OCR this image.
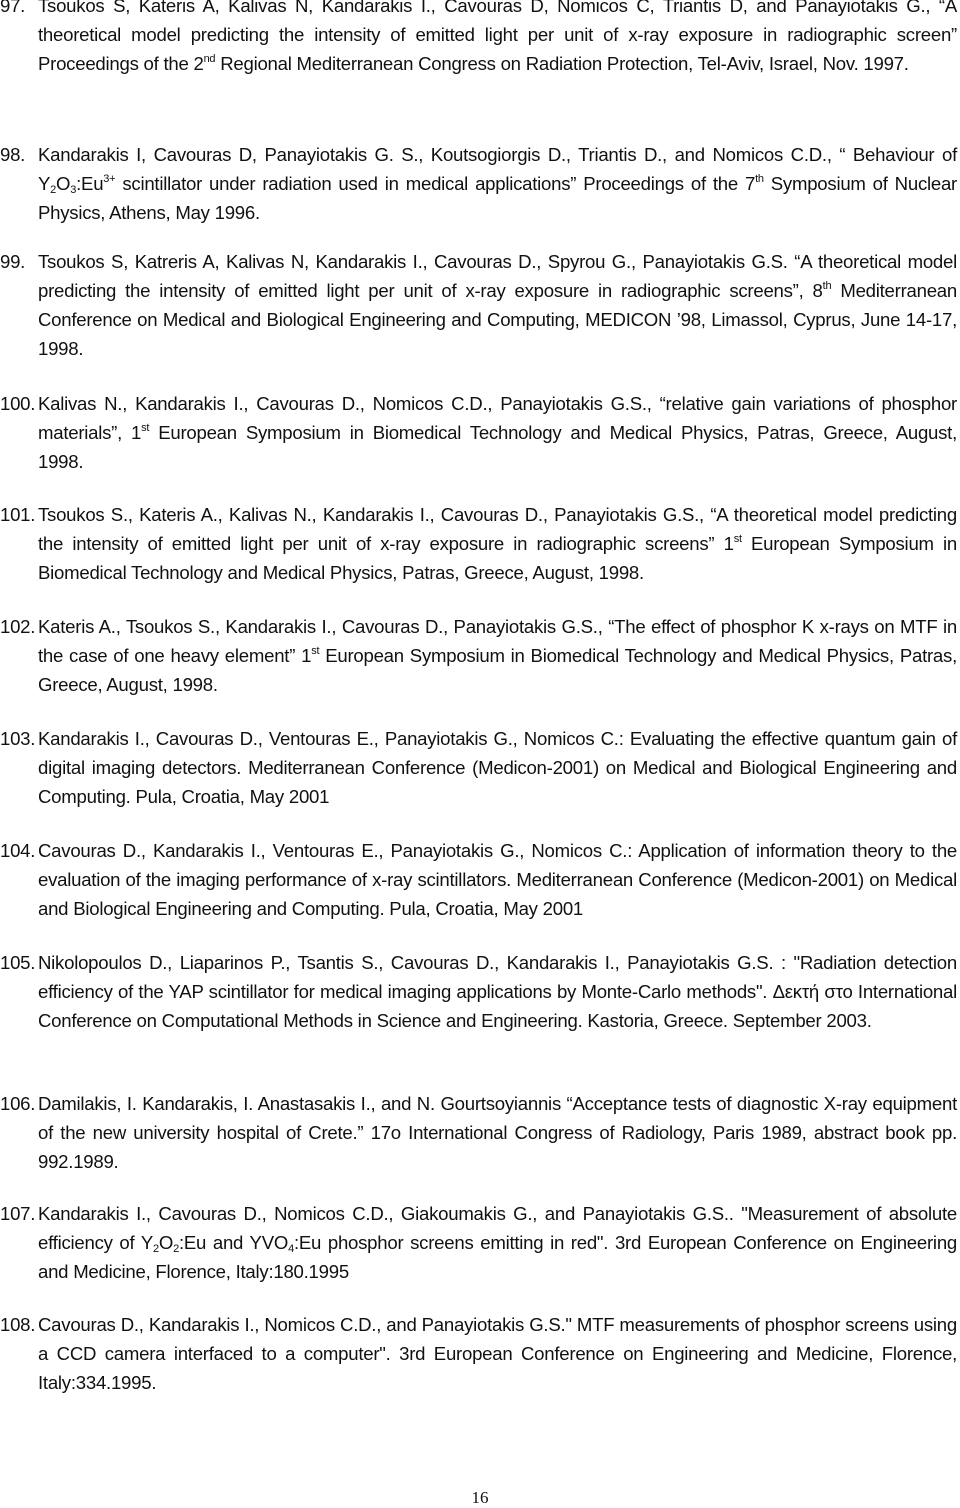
97. Tsoukos S, Kateris A, Kalivas N, Kandarakis I., Cavouras D, Nomicos C, Triantis D, and Panayiotakis G., “A theoretical model predicting the intensity of emitted light per unit of x-ray exposure in radiographic screen” Proceedings of the 2nd Regional Mediterranean Congress on Radiation Protection, Tel-Aviv, Israel, Nov. 1997.
98. Kandarakis I, Cavouras D, Panayiotakis G. S., Koutsogiorgis D., Triantis D., and Nomicos C.D., “ Behaviour of $Y_2O_3:Eu^{3+}$ scintillator under radiation used in medical applications” Proceedings of the 7th Symposium of Nuclear Physics, Athens, May 1996.
99. Tsoukos S, Katreris A, Kalivas N, Kandarakis I., Cavouras D., Spyrou G., Panayiotakis G.S. “A theoretical model predicting the intensity of emitted light per unit of x-ray exposure in radiographic screens”, 8th Mediterranean Conference on Medical and Biological Engineering and Computing, MEDICON ’98, Limassol, Cyprus, June 14-17, 1998.
100. Kalivas N., Kandarakis I., Cavouras D., Nomicos C.D., Panayiotakis G.S., “relative gain variations of phosphor materials”, 1st European Symposium in Biomedical Technology and Medical Physics, Patras, Greece, August, 1998.
101. Tsoukos S., Kateris A., Kalivas N., Kandarakis I., Cavouras D., Panayiotakis G.S., “A theoretical model predicting the intensity of emitted light per unit of x-ray exposure in radiographic screens” 1st European Symposium in Biomedical Technology and Medical Physics, Patras, Greece, August, 1998.
102. Kateris A., Tsoukos S., Kandarakis I., Cavouras D., Panayiotakis G.S., “The effect of phosphor K x-rays on MTF in the case of one heavy element” 1st European Symposium in Biomedical Technology and Medical Physics, Patras, Greece, August, 1998.
103. Kandarakis I., Cavouras D., Ventouras E., Panayiotakis G., Nomicos C.: Evaluating the effective quantum gain of digital imaging detectors. Mediterranean Conference (Medicon-2001) on Medical and Biological Engineering and Computing. Pula, Croatia, May 2001
104. Cavouras D., Kandarakis I., Ventouras E., Panayiotakis G., Nomicos C.: Application of information theory to the evaluation of the imaging performance of x-ray scintillators. Mediterranean Conference (Medicon-2001) on Medical and Biological Engineering and Computing. Pula, Croatia, May 2001
105. Nikolopoulos D., Liaparinos P., Tsantis S., Cavouras D., Kandarakis I., Panayiotakis G.S. : "Radiation detection efficiency of the YAP scintillator for medical imaging applications by Monte-Carlo methods". Δεκτή στο International Conference on Computational Methods in Science and Engineering. Kastoria, Greece. September 2003.
106. Damilakis, I. Kandarakis, I. Anastasakis I., and N. Gourtsoyiannis “Acceptance tests of diagnostic X-ray equipment of the new university hospital of Crete.” 17o International Congress of Radiology, Paris 1989, abstract book pp. 992.1989.
107. Kandarakis I., Cavouras D., Nomicos C.D., Giakoumakis G., and Panayiotakis G.S.. "Measurement of absolute efficiency of $Y_2O_2:Eu$ and $YVO_4:Eu$ phosphor screens emitting in red". 3rd European Conference on Engineering and Medicine, Florence, Italy:180.1995
108. Cavouras D., Kandarakis I., Nomicos C.D., and Panayiotakis G.S." MTF measurements of phosphor screens using a CCD camera interfaced to a computer". 3rd European Conference on Engineering and Medicine, Florence, Italy:334.1995.
16
